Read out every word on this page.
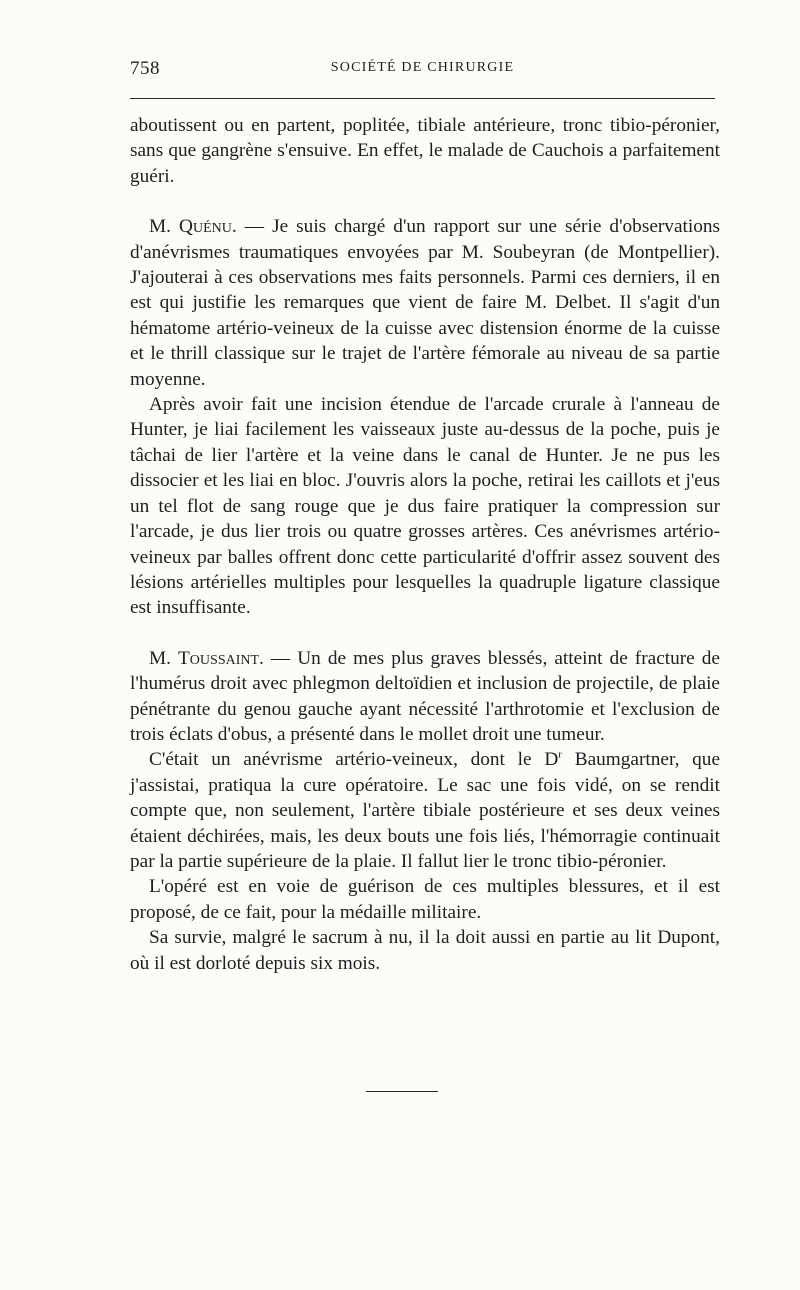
758	SOCIÉTÉ DE CHIRURGIE

aboutissent ou en partent, poplitée, tibiale antérieure, tronc tibio-péronier, sans que gangrène s'ensuive. En effet, le malade de Cauchois a parfaitement guéri.

M. Quénu. — Je suis chargé d'un rapport sur une série d'observations d'anévrismes traumatiques envoyées par M. Soubeyran (de Montpellier). J'ajouterai à ces observations mes faits personnels. Parmi ces derniers, il en est qui justifie les remarques que vient de faire M. Delbet. Il s'agit d'un hématome artério-veineux de la cuisse avec distension énorme de la cuisse et le thrill classique sur le trajet de l'artère fémorale au niveau de sa partie moyenne.

Après avoir fait une incision étendue de l'arcade crurale à l'anneau de Hunter, je liai facilement les vaisseaux juste au-dessus de la poche, puis je tâchai de lier l'artère et la veine dans le canal de Hunter. Je ne pus les dissocier et les liai en bloc. J'ouvris alors la poche, retirai les caillots et j'eus un tel flot de sang rouge que je dus faire pratiquer la compression sur l'arcade, je dus lier trois ou quatre grosses artères. Ces anévrismes artério-veineux par balles offrent donc cette particularité d'offrir assez souvent des lésions artérielles multiples pour lesquelles la quadruple ligature classique est insuffisante.

M. Toussaint. — Un de mes plus graves blessés, atteint de fracture de l'humérus droit avec phlegmon deltoïdien et inclusion de projectile, de plaie pénétrante du genou gauche ayant nécessité l'arthrotomie et l'exclusion de trois éclats d'obus, a présenté dans le mollet droit une tumeur.

C'était un anévrisme artério-veineux, dont le $D^r$ Baumgartner, que j'assistai, pratiqua la cure opératoire. Le sac une fois vidé, on se rendit compte que, non seulement, l'artère tibiale postérieure et ses deux veines étaient déchirées, mais, les deux bouts une fois liés, l'hémorragie continuait par la partie supérieure de la plaie. Il fallut lier le tronc tibio-péronier.

L'opéré est en voie de guérison de ces multiples blessures, et il est proposé, de ce fait, pour la médaille militaire.

Sa survie, malgré le sacrum à nu, il la doit aussi en partie au lit Dupont, où il est dorloté depuis six mois.
